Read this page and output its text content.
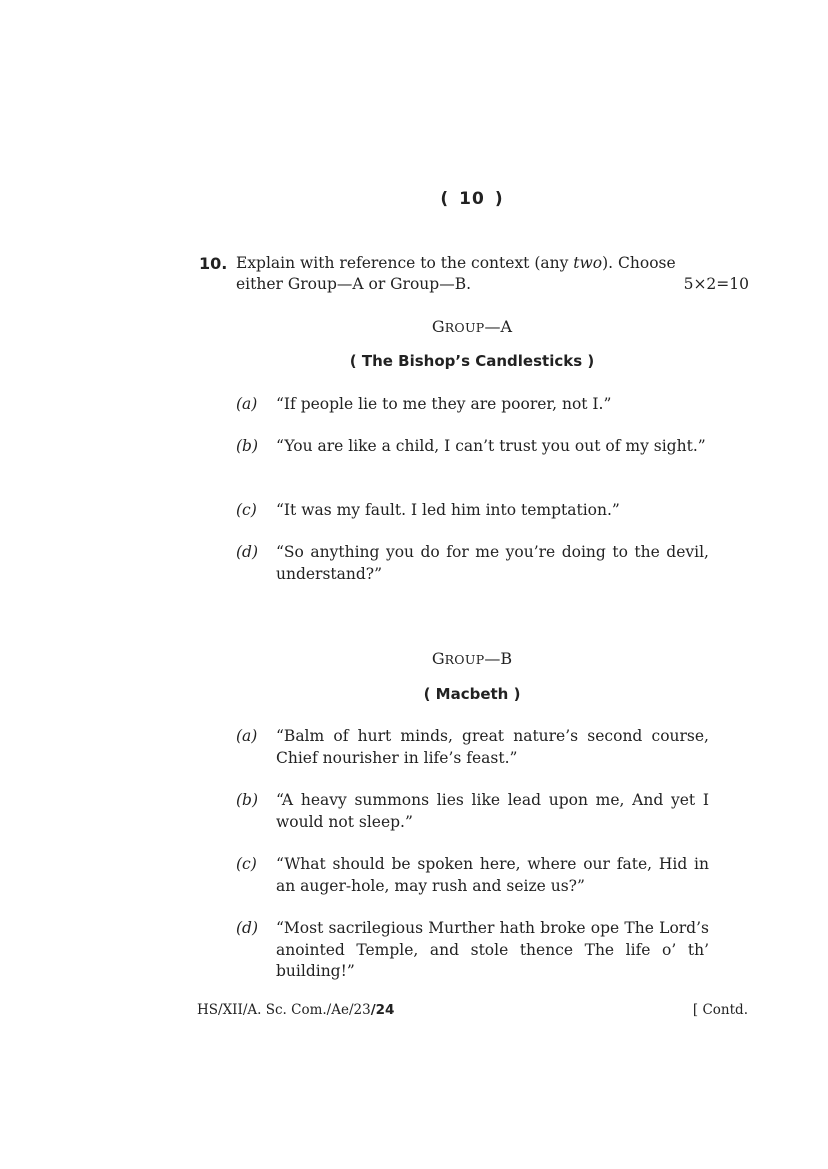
( 10 )
10. Explain with reference to the context (any two). Choose
either Group—A or Group—B.	5×2=10
GROUP—A
( The Bishop’s Candlesticks )
(a) “If people lie to me they are poorer, not I.”
(b) “You are like a child, I can’t trust you out of my sight.”
(c) “It was my fault. I led him into temptation.”
(d) “So anything you do for me you’re doing to the devil, understand?”
GROUP—B
( Macbeth )
(a) “Balm of hurt minds, great nature’s second course, Chief nourisher in life’s feast.”
(b) “A heavy summons lies like lead upon me, And yet I would not sleep.”
(c) “What should be spoken here, where our fate, Hid in an auger-hole, may rush and seize us?”
(d) “Most sacrilegious Murther hath broke ope The Lord’s anointed Temple, and stole thence The life o’ th’ building!”
HS/XII/A. Sc. Com./Ae/23/24	[ Contd.
